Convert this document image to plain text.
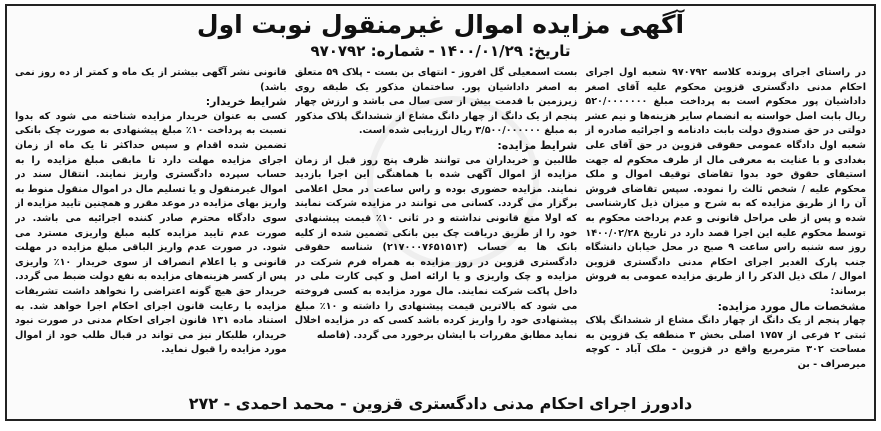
آگهی مزایده اموال غیرمنقول نوبت اول
تاریخ: ۱۴۰۰/۰۱/۲۹-شماره: ۹۷۰۷۹۲

در راستای اجرای پرونده کلاسه ۹۷۰۷۹۲ شعبه اول اجرای احکام مدنی دادگستری قزوین محکوم علیه آقای اصغر داداشیان پور محکوم است به پرداخت مبلغ ۵۲۰/۰۰۰۰۰۰۰ ریال بابت اصل خواسته به انضمام سایر هزینه‌ها و نیم عشر دولتی در حق صندوق دولت بابت دادنامه و اجرائیه صادره از شعبه اول دادگاه عمومی حقوقی قزوین در حق آقای علی بغدادی و با عنایت به معرفی مال از طرف محکوم له جهت استیفای حقوق خود بدوا تقاضای توقیف اموال و ملک محکوم علیه / شخص ثالث را نموده. سپس تقاضای فروش آن را از طریق مزایده که به شرح و میزان ذیل کارشناسی شده و پس از طی مراحل قانونی و عدم پرداخت محکوم به توسط محکوم علیه این اجرا قصد دارد در تاریخ ۱۴۰۰/۰۲/۲۸ روز سه شنبه راس ساعت ۹ صبح در محل خیابان دانشگاه جنب پارک الغدیر اجرای احکام مدنی دادگستری قزوین اموال / ملک ذیل الذکر را از طریق مزایده عمومی به فروش برساند:

مشخصات مال مورد مزایده:

چهار پنجم از یک دانگ از چهار دانگ مشاع از ششدانگ پلاک ثبتی ۲ فرعی از ۱۷۵۷ اصلی بخش ۳ منطقه یک قزوین به مساحت ۳۰۲ مترمربع واقع در قزوین - ملک آباد - کوچه میرصراف - بن

بست اسمعیلی گل افروز - انتهای بن بست - پلاک ۵۹ متعلق به اصغر داداشیان پور. ساختمان مذکور یک طبقه روی زیرزمین با قدمت بیش از سی سال می باشد و ارزش چهار پنجم از یک دانگ از چهار دانگ مشاع از ششدانگ پلاک مذکور به مبلغ ۳/۵۰۰/۰۰۰۰۰۰ ریال ارزیابی شده است.

شرایط مزایده:

طالبین و خریداران می توانند ظرف پنج روز قبل از زمان مزایده از اموال آگهی شده با هماهنگی این اجرا بازدید نمایند. مزایده حضوری بوده و راس ساعت در محل اعلامی برگزار می گردد. کسانی می توانند در مزایده شرکت نمایند که اولا منع قانونی نداشته و در ثانی ۱۰٪ قیمت پیشنهادی خود را از طریق دریافت چک بین بانکی تضمین شده از کلیه بانک ها به حساب (۲۱۷۰۰۰۷۶۵۱۵۱۳) شناسه حقوقی دادگستری قزوین در روز مزایده به همراه فرم شرکت در مزایده و چک واریزی و یا ارائه اصل و کپی کارت ملی در داخل پاکت شرکت نمایند. مال مورد مزایده به کسی فروخته می شود که بالاترین قیمت پیشنهادی را داشته و ۱۰٪ مبلغ پیشنهادی خود را واریز کرده باشد کسی که در مزایده اخلال نماید مطابق مقررات با ایشان برخورد می گردد. (فاصله

قانونی نشر آگهی بیشتر از یک ماه و کمتر از ده روز نمی باشد)

شرایط خریدار:

کسی به عنوان خریدار مزایده شناخته می شود که بدوا نسبت به پرداخت ۱۰٪ مبلغ پیشنهادی به صورت چک بانکی تضمین شده اقدام و سپس حداکثر تا یک ماه از زمان اجرای مزایده مهلت دارد تا مابقی مبلغ مزایده را به حساب سپرده دادگستری واریز نمایند. انتقال سند در اموال غیرمنقول و یا تسلیم مال در اموال منقول منوط به واریز بهای مزایده در موعد مقرر و همچنین تایید مزایده از سوی دادگاه محترم صادر کننده اجرائیه می باشد. در صورت عدم تایید مزایده کلیه مبلغ واریزی مسترد می شود. در صورت عدم واریز الباقی مبلغ مزایده در مهلت قانونی و یا اعلام انصراف از سوی خریدار ۱۰٪ واریزی پس از کسر هزینه‌های مزایده به نفع دولت ضبط می گردد. خریدار حق هیچ گونه اعتراضی را نخواهد داشت تشریفات مزایده با رعایت قانون اجرای احکام اجرا خواهد شد. به استناد ماده ۱۳۱ قانون اجرای احکام مدنی در صورت نبود خریدار، طلبکار نیز می تواند در قبال طلب خود از اموال مورد مزایده را قبول نماید.

دادورز اجرای احکام مدنی دادگستری قزوین - محمد احمدی - ۲۷۲
